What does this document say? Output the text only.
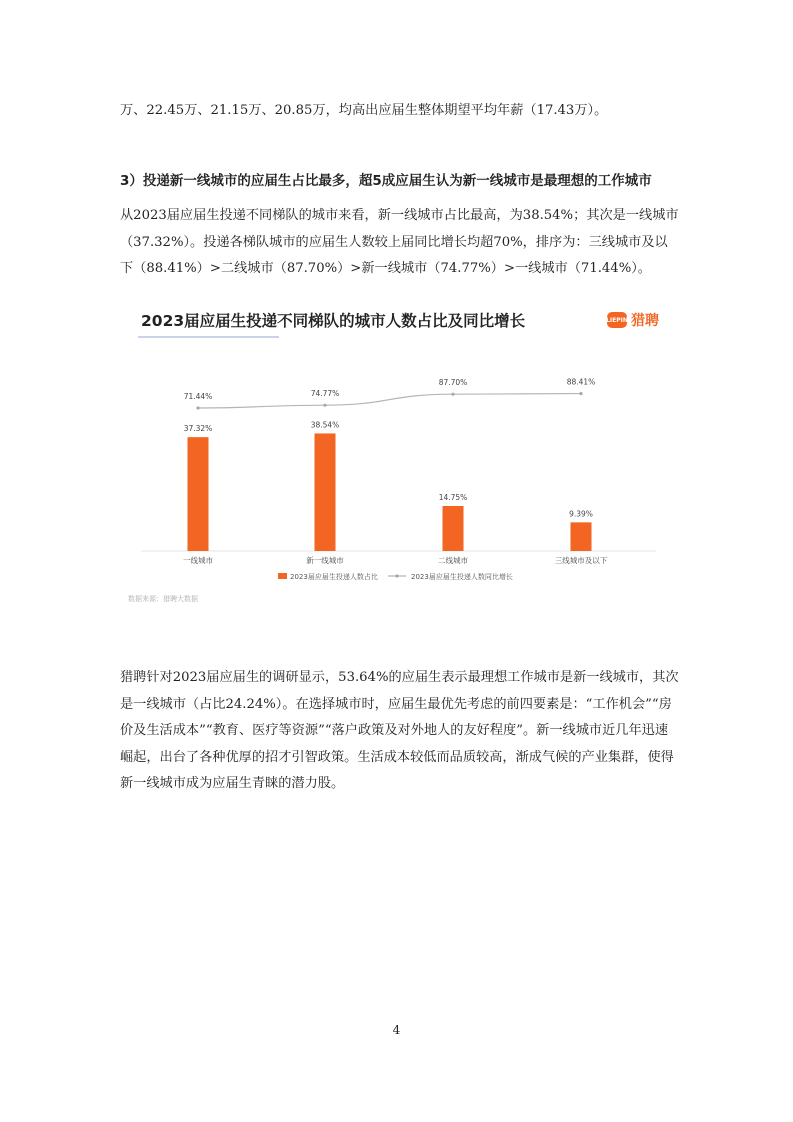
万、22.45万、21.15万、20.85万，均高出应届生整体期望平均年薪（17.43万）。

3）投递新一线城市的应届生占比最多，超5成应届生认为新一线城市是最理想的工作城市

从2023届应届生投递不同梯队的城市来看，新一线城市占比最高，为38.54%；其次是一线城市（37.32%）。投递各梯队城市的应届生人数较上届同比增长均超70%，排序为：三线城市及以下（88.41%）>二线城市（87.70%）>新一线城市（74.77%）>一线城市（71.44%）。

2023届应届生投递不同梯队的城市人数占比及同比增长	LIEPIN 猎聘
37.32%
一线城市
38.54%
新一线城市
14.75%
二线城市
9.39%
三线城市及以下
71.44%	74.77%
87.70%	88.41%
2023届应届生投递人数占比	2023届应届生投递人数同比增长

数据来源：猎聘大数据

猎聘针对2023届应届生的调研显示，53.64%的应届生表示最理想工作城市是新一线城市，其次是一线城市（占比24.24%）。在选择城市时，应届生最优先考虑的前四要素是：“工作机会”“房价及生活成本”“教育、医疗等资源”“落户政策及对外地人的友好程度”。新一线城市近几年迅速崛起，出台了各种优厚的招才引智政策。生活成本较低而品质较高，渐成气候的产业集群，使得新一线城市成为应届生青睐的潜力股。

4
